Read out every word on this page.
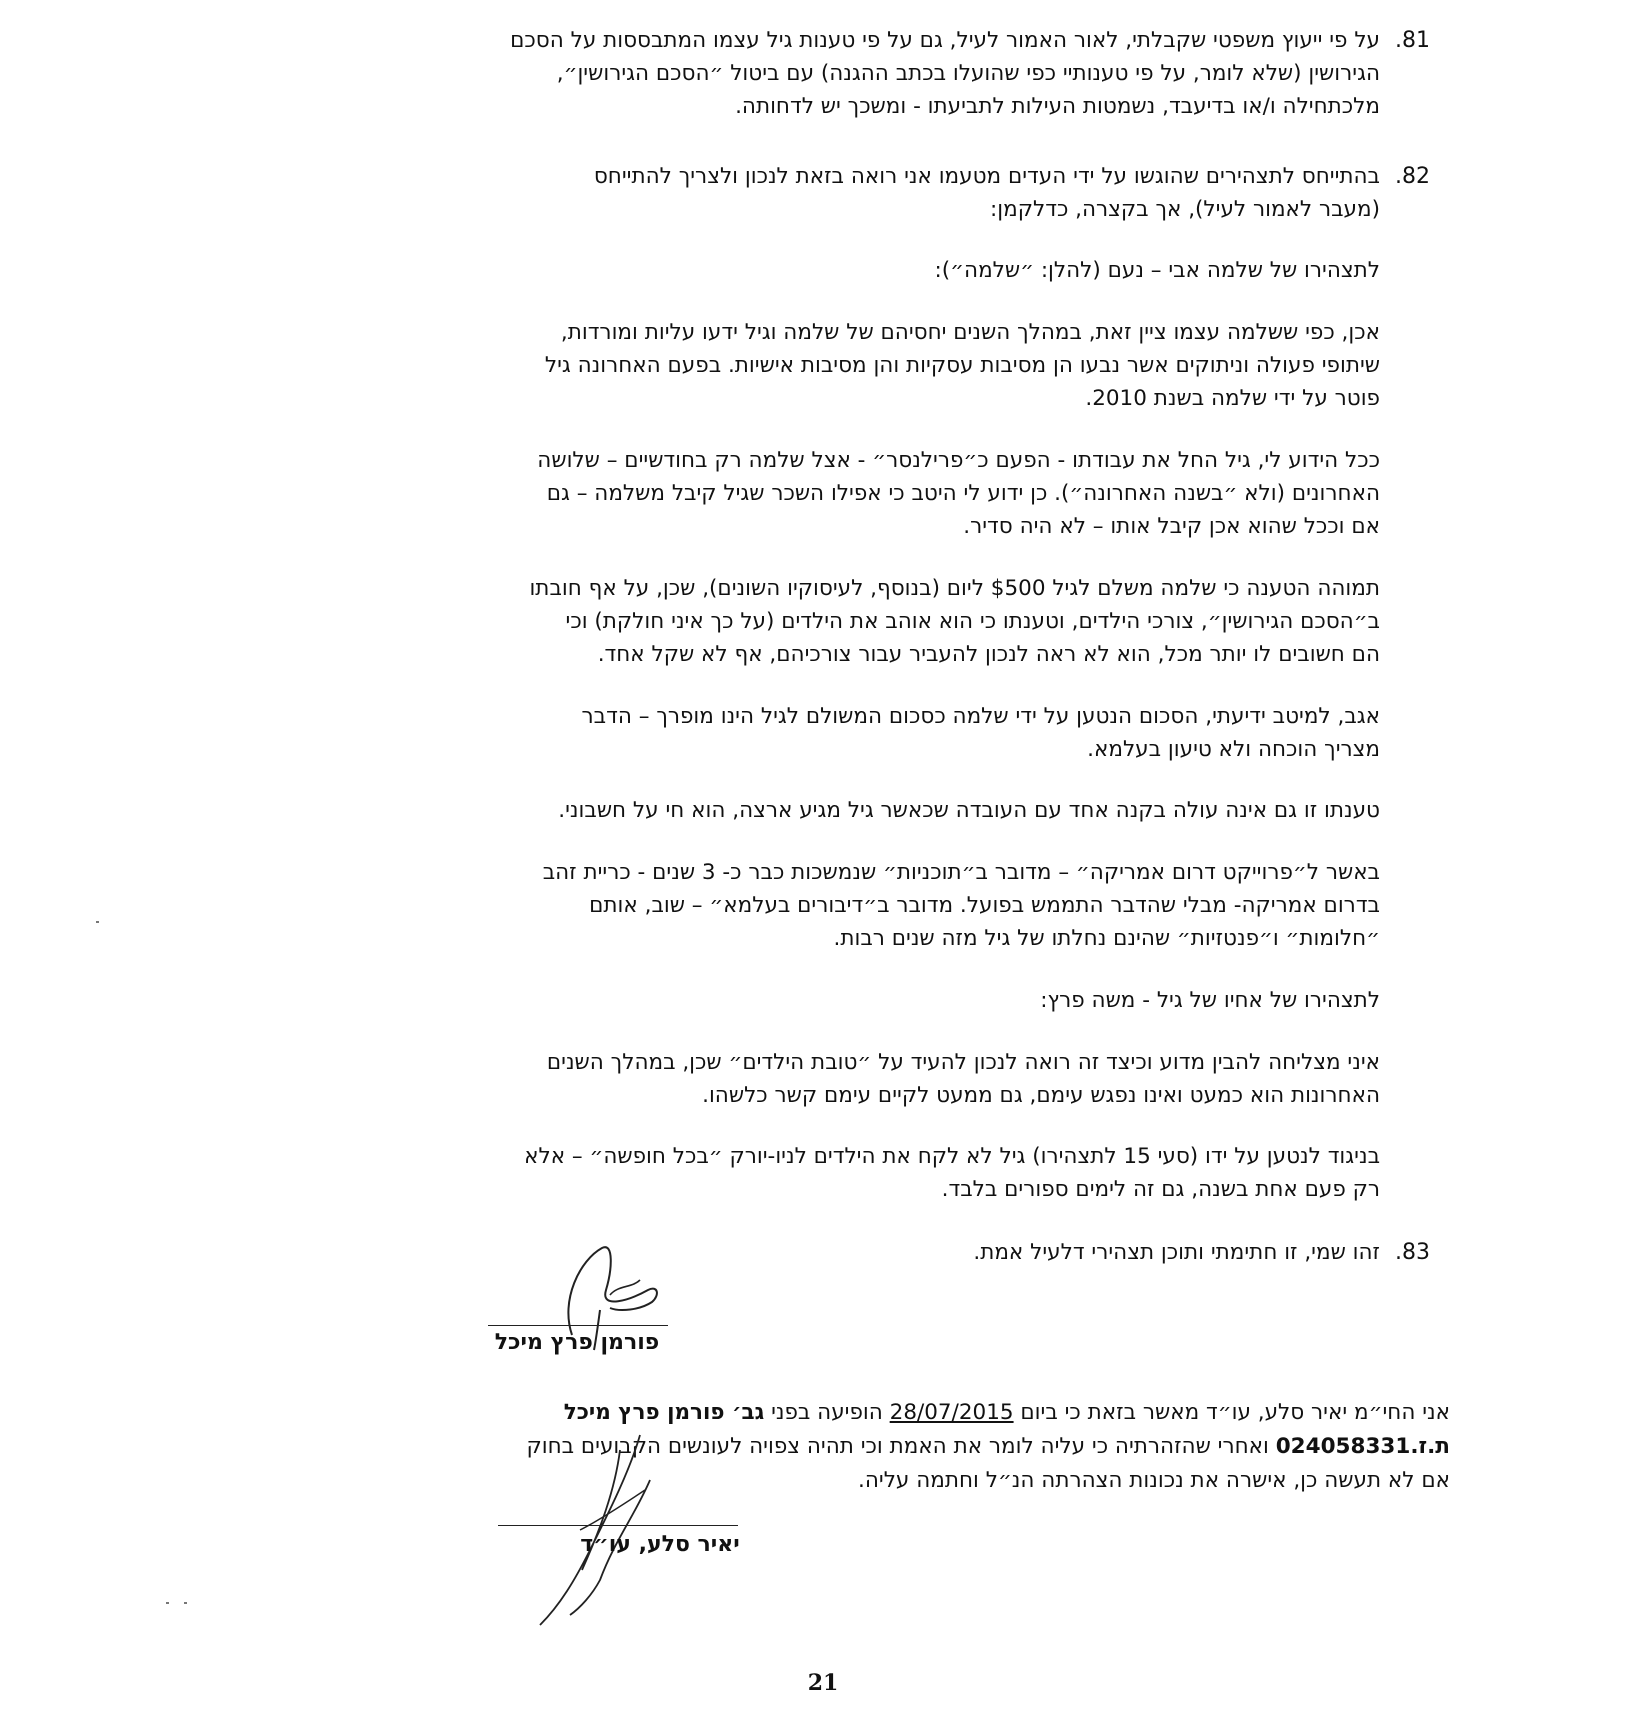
.81

על פי ייעוץ משפטי שקבלתי, לאור האמור לעיל, גם על פי טענות גיל עצמו המתבססות על הסכם
הגירושין (שלא לומר, על פי טענותיי כפי שהועלו בכתב ההגנה) עם ביטול ״הסכם הגירושין״,
מלכתחילה ו/או בדיעבד, נשמטות העילות לתביעתו - ומשכך יש לדחותה.

.82

בהתייחס לתצהירים שהוגשו על ידי העדים מטעמו אני רואה בזאת לנכון ולצריך להתייחס
(מעבר לאמור לעיל), אך בקצרה, כדלקמן:

לתצהירו של שלמה אבי – נעם (להלן: ״שלמה״):

אכן, כפי ששלמה עצמו ציין זאת, במהלך השנים יחסיהם של שלמה וגיל ידעו עליות ומורדות,
שיתופי פעולה וניתוקים אשר נבעו הן מסיבות עסקיות והן מסיבות אישיות. בפעם האחרונה גיל
פוטר על ידי שלמה בשנת 2010.

ככל הידוע לי, גיל החל את עבודתו - הפעם כ״פרילנסר״ - אצל שלמה רק בחודשיים – שלושה
האחרונים (ולא ״בשנה האחרונה״). כן ידוע לי היטב כי אפילו השכר שגיל קיבל משלמה – גם
אם וככל שהוא אכן קיבל אותו – לא היה סדיר.

תמוהה הטענה כי שלמה משלם לגיל $500 ליום (בנוסף, לעיסוקיו השונים), שכן, על אף חובתו
ב״הסכם הגירושין״, צורכי הילדים, וטענתו כי הוא אוהב את הילדים (על כך איני חולקת) וכי
הם חשובים לו יותר מכל, הוא לא ראה לנכון להעביר עבור צורכיהם, אף לא שקל אחד.

אגב, למיטב ידיעתי, הסכום הנטען על ידי שלמה כסכום המשולם לגיל הינו מופרך – הדבר
מצריך הוכחה ולא טיעון בעלמא.

טענתו זו גם אינה עולה בקנה אחד עם העובדה שכאשר גיל מגיע ארצה, הוא חי על חשבוני.

באשר ל״פרוייקט דרום אמריקה״ – מדובר ב״תוכניות״ שנמשכות כבר כ- 3 שנים - כריית זהב
בדרום אמריקה- מבלי שהדבר התממש בפועל. מדובר ב״דיבורים בעלמא״ – שוב, אותם
״חלומות״ ו״פנטזיות״ שהינם נחלתו של גיל מזה שנים רבות.

לתצהירו של אחיו של גיל - משה פרץ:

איני מצליחה להבין מדוע וכיצד זה רואה לנכון להעיד על ״טובת הילדים״ שכן, במהלך השנים
האחרונות הוא כמעט ואינו נפגש עימם, גם ממעט לקיים עימם קשר כלשהו.

בניגוד לנטען על ידו (סעי 15 לתצהירו) גיל לא לקח את הילדים לניו-יורק ״בכל חופשה״ – אלא
רק פעם אחת בשנה, גם זה לימים ספורים בלבד.

.83

זהו שמי, זו חתימתי ותוכן תצהירי דלעיל אמת.

פורמן פרץ מיכל

אני החי״מ יאיר סלע, עו״ד מאשר בזאת כי ביום 28/07/2015 הופיעה בפני גב׳ פורמן פרץ מיכל
ת.ז.024058331 ואחרי שהזהרתיה כי עליה לומר את האמת וכי תהיה צפויה לעונשים הקבועים בחוק
אם לא תעשה כן, אישרה את נכונות הצהרתה הנ״ל וחתמה עליה.

יאיר סלע, עו״ד
21
